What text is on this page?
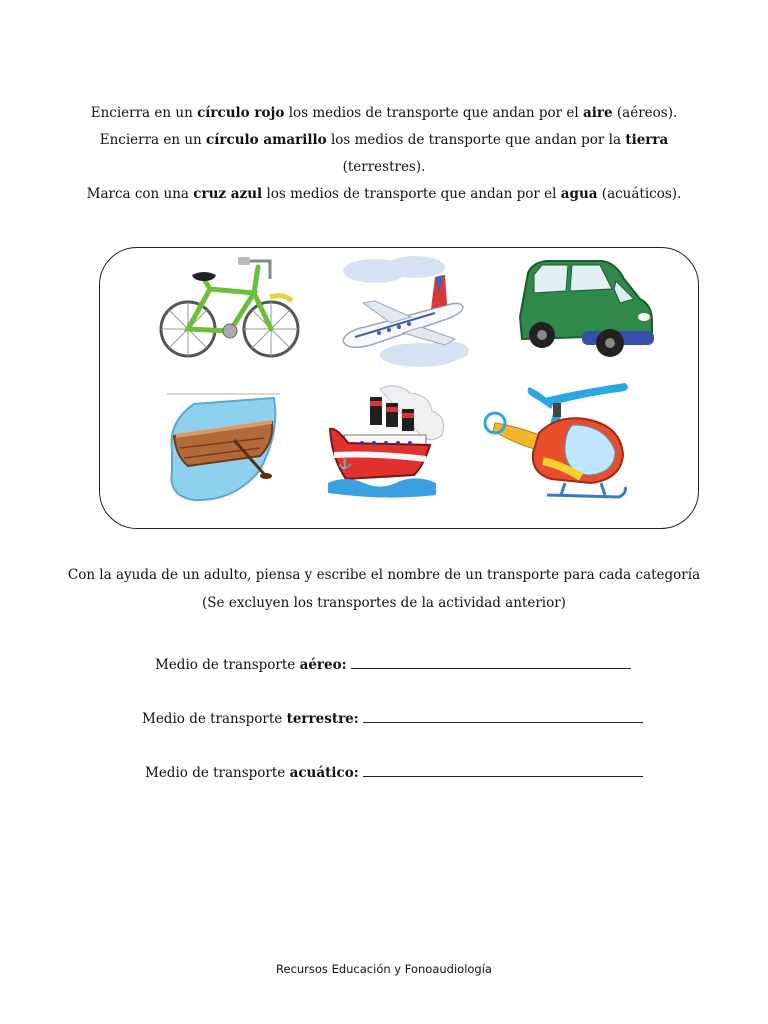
Encierra en un círculo rojo los medios de transporte que andan por el aire (aéreos).
Encierra en un círculo amarillo los medios de transporte que andan por la tierra
(terrestres).
Marca con una cruz azul los medios de transporte que andan por el agua (acuáticos).
⚓
Con la ayuda de un adulto, piensa y escribe el nombre de un transporte para cada categoría
(Se excluyen los transportes de la actividad anterior)
Medio de transporte aéreo:
Medio de transporte terrestre:
Medio de transporte acuático:
Recursos Educación y Fonoaudiología
